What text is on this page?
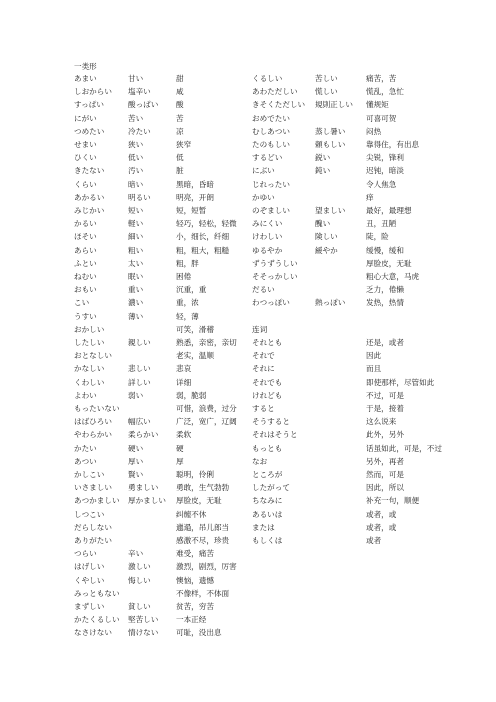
一类形
あまい	甘い	甜	くるしい	苦しい	痛苦，苦
しおからい 塩辛い	咸	あわただしい 慌しい	慌乱，急忙
すっぱい	酸っぱい 酸	きそくただしい 規則正しい 懂规矩
にがい	苦い	苦	おめでたい	可喜可贺
つめたい	冷たい	凉	むしあつい	蒸し暑い	闷热
せまい	狭い	狭窄	たのもしい	頼もしい	靠得住，有出息
ひくい	低い	低	するどい	鋭い	尖锐，锋利
きたない	汚い	脏	にぶい	鈍い	迟钝，暗淡
くらい	暗い	黑暗，昏暗	じれったい	令人焦急
あかるい	明るい	明亮，开朗	かゆい	痒
みじかい	短い	短，短暂	のぞましい	望ましい	最好，最理想
かるい	軽い	轻巧，轻松，轻微 みにくい	醜い	丑，丑陋
ほそい	細い	小，细长，纤细	けわしい	険しい	陡，险
あらい	粗い	粗，粗大，粗糙	ゆるやか	緩やか	缓慢，缓和
ふとい	太い	粗，胖	ずうずうしい	厚脸皮，无耻
ねむい	眠い	困倦	そそっかしい	粗心大意，马虎
おもい	重い	沉重，重	だるい	乏力，倦懒
こい	濃い	重，浓	わつっぽい	熱っぽい	发热，热情
うすい	薄い	轻，薄
おかしい	可笑，滑稽	连词
したしい	親しい	熟悉，亲密，亲切 それとも	还是，或者
おとなしい	老实，温顺	それで	因此
かなしい	悲しい	悲哀	それに	而且
くわしい	詳しい	详细	それでも	即使那样，尽管如此
よわい	弱い	弱，脆弱	けれども	不过，可是
もったいない	可惜，浪费，过分 すると	于是，接着
はばひろい 幅広い	广泛，宽广，辽阔 そうすると	这么说来
やわらかい 柔らかい 柔软	それはそうと	此外，另外
かたい	硬い	硬	もっとも	话虽如此，可是，不过
あつい	厚い	厚	なお	另外，再者
かしこい	賢い	聪明，伶俐	ところが	然而，可是
いさましい 勇ましい 勇敢，生气勃勃	したがって	因此，所以
あつかましい 厚かましい 厚脸皮，无耻	ちなみに	补充一句，顺便
しつこい	纠缠不休	あるいは	或者，或
だらしない	邋遢，吊儿郎当	または	或者，或
ありがたい	感激不尽，珍贵	もしくは	或者
つらい	辛い	难受，痛苦
はげしい	激しい	激烈，剧烈，厉害
くやしい	悔しい	懊恼，遗憾
みっともない	不像样，不体面
まずしい	貧しい	贫苦，穷苦
かたくるしい 堅苦しい 一本正经
なさけない 情けない 可耻，没出息
